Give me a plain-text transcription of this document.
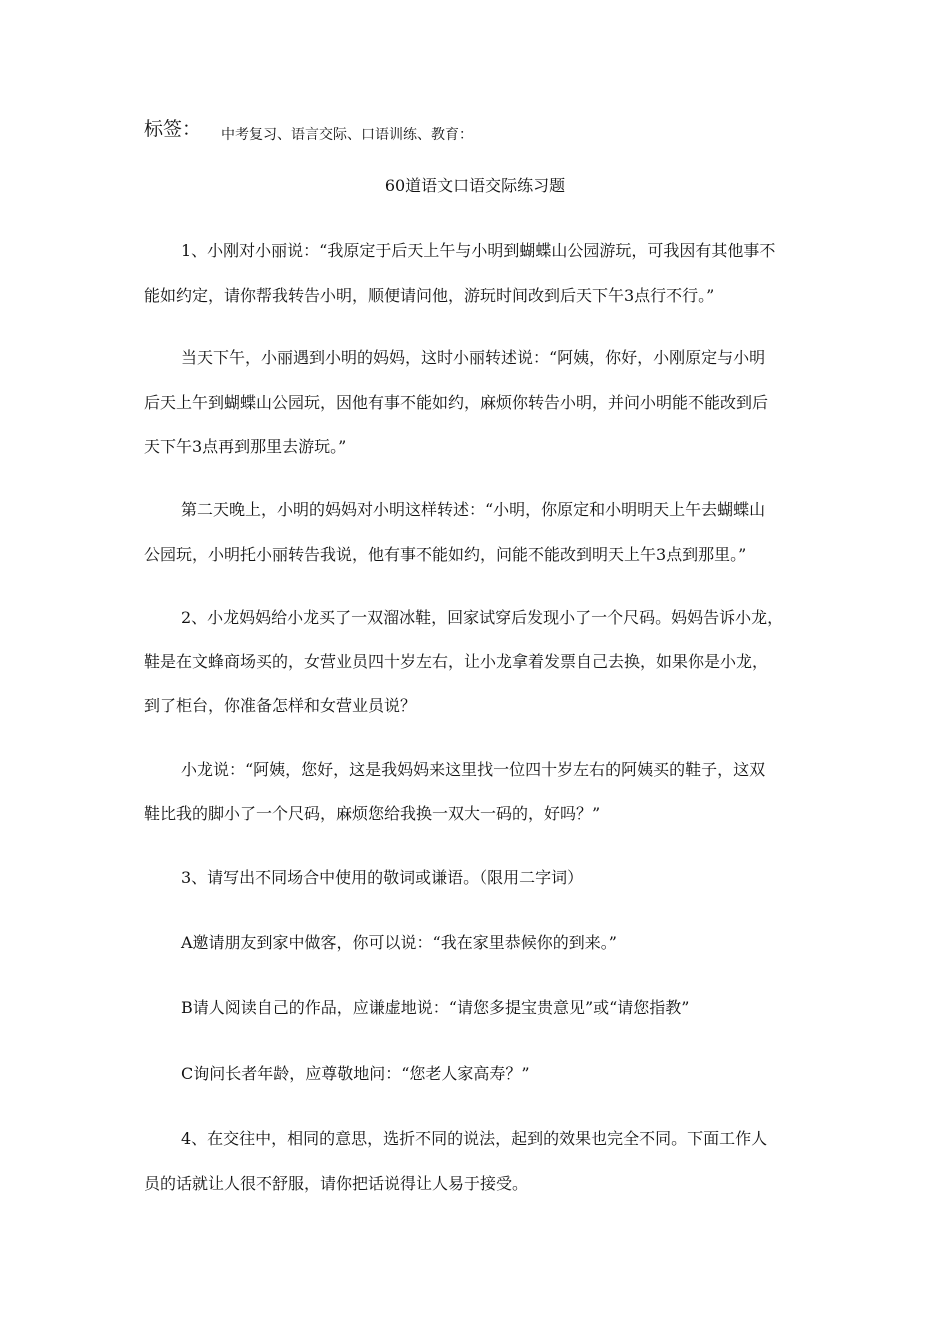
标签： 中考复习、语言交际、口语训练、教育：
60道语文口语交际练习题
1、小刚对小丽说：“我原定于后天上午与小明到蝴蝶山公园游玩，可我因有其他事不
能如约定，请你帮我转告小明，顺便请问他，游玩时间改到后天下午3点行不行。”
当天下午，小丽遇到小明的妈妈，这时小丽转述说：“阿姨，你好，小刚原定与小明
后天上午到蝴蝶山公园玩，因他有事不能如约，麻烦你转告小明，并问小明能不能改到后
天下午3点再到那里去游玩。”
第二天晚上，小明的妈妈对小明这样转述：“小明，你原定和小明明天上午去蝴蝶山
公园玩，小明托小丽转告我说，他有事不能如约，问能不能改到明天上午3点到那里。”
2、小龙妈妈给小龙买了一双溜冰鞋，回家试穿后发现小了一个尺码。妈妈告诉小龙，
鞋是在文蜂商场买的，女营业员四十岁左右，让小龙拿着发票自己去换，如果你是小龙，
到了柜台，你准备怎样和女营业员说？
小龙说：“阿姨，您好，这是我妈妈来这里找一位四十岁左右的阿姨买的鞋子，这双
鞋比我的脚小了一个尺码，麻烦您给我换一双大一码的，好吗？”
3、请写出不同场合中使用的敬词或谦语。（限用二字词）
A邀请朋友到家中做客，你可以说：“我在家里恭候你的到来。”
B请人阅读自己的作品，应谦虚地说：“请您多提宝贵意见”或“请您指教”
C询问长者年龄，应尊敬地问：“您老人家高寿？”
4、在交往中，相同的意思，选折不同的说法，起到的效果也完全不同。下面工作人
员的话就让人很不舒服，请你把话说得让人易于接受。
